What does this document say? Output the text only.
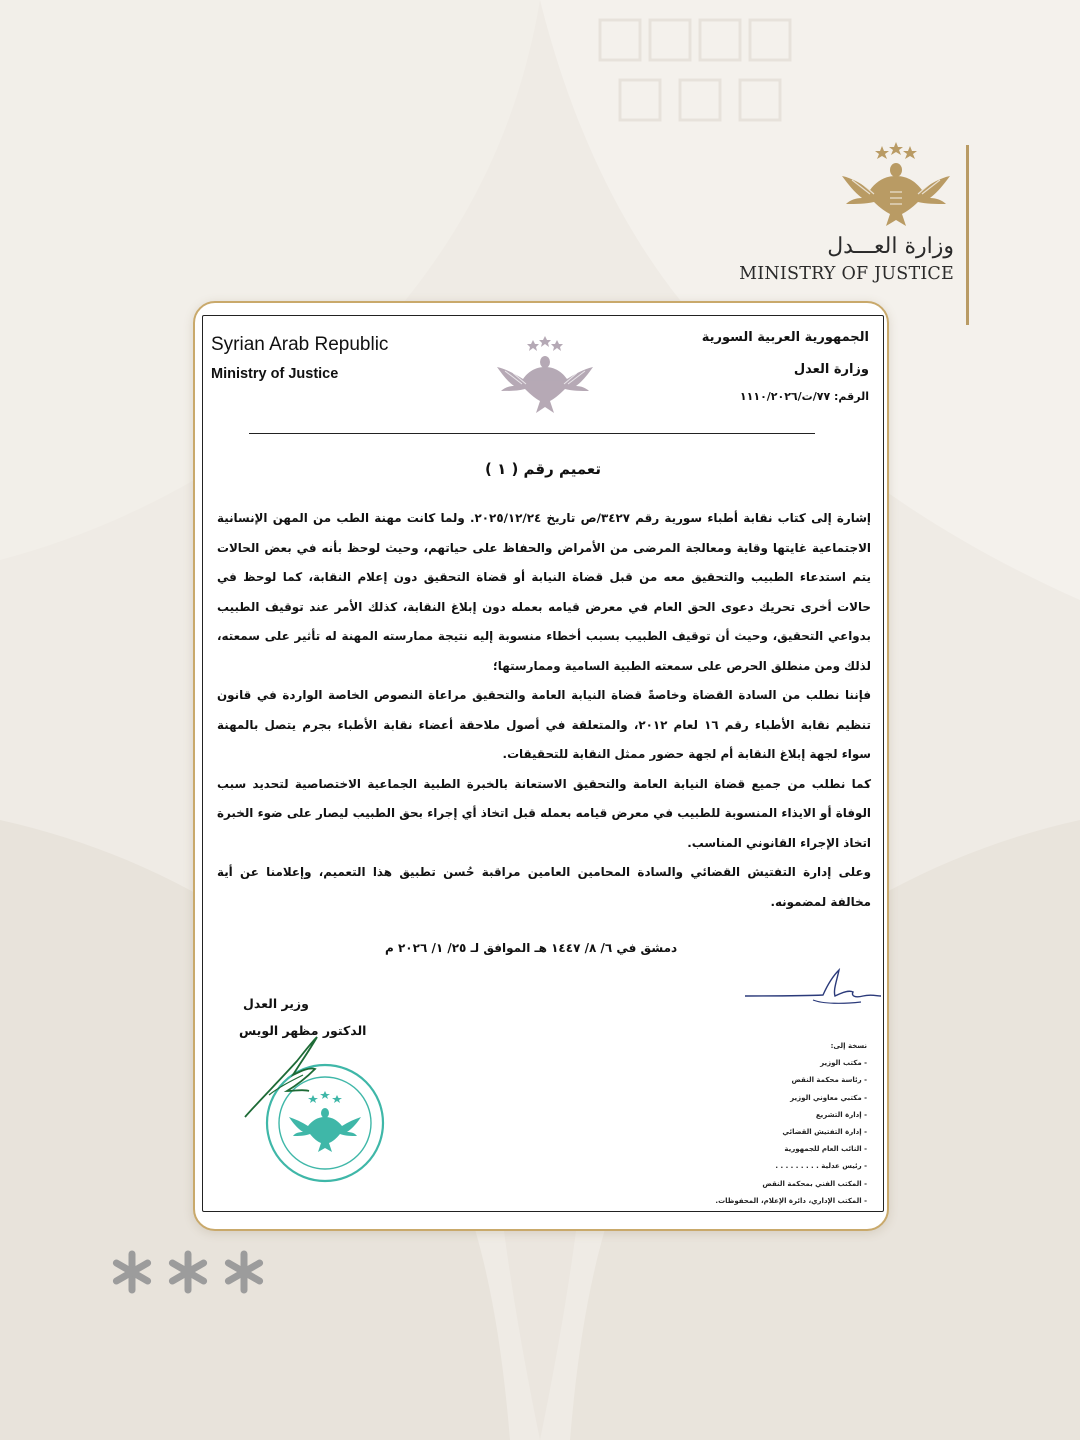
وزارة العـــدل
MINISTRY OF JUSTICE
Syrian Arab Republic
Ministry of Justice
الجمهورية العربية السورية
وزارة العدل
الرقم: ٧٧/ت/١١١٠/٢٠٢٦
تعميم رقم ( ١ )

إشارة إلى كتاب نقابة أطباء سورية رقم ٣٤٢٧/ص تاريخ ٢٠٢٥/١٢/٢٤. ولما كانت مهنة الطب من المهن الإنسانية الاجتماعية غايتها وقاية ومعالجة المرضى من الأمراض والحفاظ على حياتهم، وحيث لوحظ بأنه في بعض الحالات يتم استدعاء الطبيب والتحقيق معه من قبل قضاة النيابة أو قضاة التحقيق دون إعلام النقابة، كما لوحظ في حالات أخرى تحريك دعوى الحق العام في معرض قيامه بعمله دون إبلاغ النقابة، كذلك الأمر عند توقيف الطبيب بدواعي التحقيق، وحيث أن توقيف الطبيب بسبب أخطاء منسوبة إليه نتيجة ممارسته المهنة له تأثير على سمعته، لذلك ومن منطلق الحرص على سمعته الطبية السامية وممارستها؛

فإننا نطلب من السادة القضاة وخاصةً قضاة النيابة العامة والتحقيق مراعاة النصوص الخاصة الواردة في قانون تنظيم نقابة الأطباء رقم ١٦ لعام ٢٠١٢، والمتعلقة في أصول ملاحقة أعضاء نقابة الأطباء بجرم يتصل بالمهنة سواء لجهة إبلاغ النقابة أم لجهة حضور ممثل النقابة للتحقيقات.

كما نطلب من جميع قضاة النيابة العامة والتحقيق الاستعانة بالخبرة الطبية الجماعية الاختصاصية لتحديد سبب الوفاة أو الايذاء المنسوبة للطبيب في معرض قيامه بعمله قبل اتخاذ أي إجراء بحق الطبيب ليصار على ضوء الخبرة اتخاذ الإجراء القانوني المناسب.

وعلى إدارة التفتيش القضائي والسادة المحامين العامين مراقبة حُسن تطبيق هذا التعميم، وإعلامنا عن أية مخالفة لمضمونه.

دمشق في ٦/ ٨/ ١٤٤٧ هـ الموافق لـ ٢٥/ ١/ ٢٠٢٦ م
وزير العدل
الدكتور مظهر الويس
نسخة إلى:
- مكتب الوزير
- رئاسة محكمة النقض
- مكتبي معاوني الوزير
- إدارة التشريع
- إدارة التفتيش القضائي
- النائب العام للجمهورية
- رئيس عدلية . . . . . . . . .
- المكتب الفني بمحكمة النقض
- المكتب الإداري، دائرة الإعلام، المحفوظات.
